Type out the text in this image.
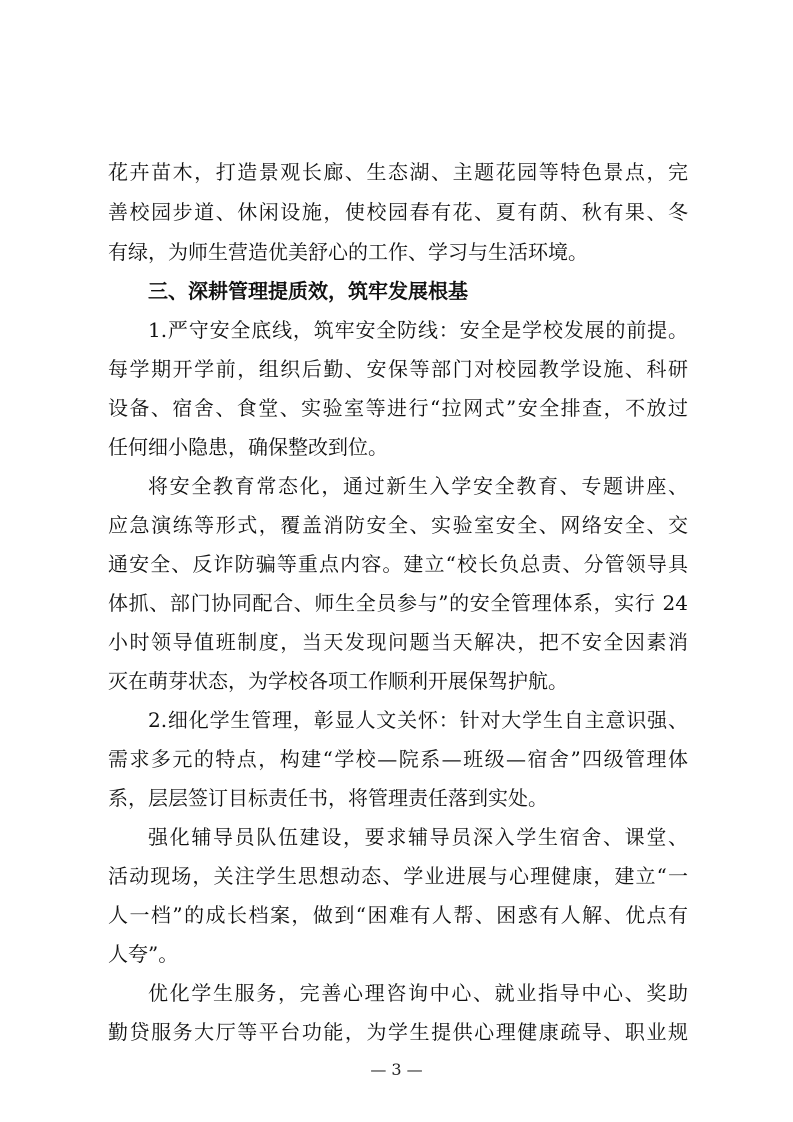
花卉苗木，打造景观长廊、生态湖、主题花园等特色景点，完
善校园步道、休闲设施，使校园春有花、夏有荫、秋有果、冬
有绿，为师生营造优美舒心的工作、学习与生活环境。
三、深耕管理提质效，筑牢发展根基
1.严守安全底线，筑牢安全防线：安全是学校发展的前提。
每学期开学前，组织后勤、安保等部门对校园教学设施、科研
设备、宿舍、食堂、实验室等进行“拉网式”安全排查，不放过
任何细小隐患，确保整改到位。
将安全教育常态化，通过新生入学安全教育、专题讲座、
应急演练等形式，覆盖消防安全、实验室安全、网络安全、交
通安全、反诈防骗等重点内容。建立“校长负总责、分管领导具
体抓、部门协同配合、师生全员参与”的安全管理体系，实行 24
小时领导值班制度，当天发现问题当天解决，把不安全因素消
灭在萌芽状态，为学校各项工作顺利开展保驾护航。
2.细化学生管理，彰显人文关怀：针对大学生自主意识强、
需求多元的特点，构建“学校—院系—班级—宿舍”四级管理体
系，层层签订目标责任书，将管理责任落到实处。
强化辅导员队伍建设，要求辅导员深入学生宿舍、课堂、
活动现场，关注学生思想动态、学业进展与心理健康，建立“一
人一档”的成长档案，做到“困难有人帮、困惑有人解、优点有
人夸”。
优化学生服务，完善心理咨询中心、就业指导中心、奖助
— 3 —
勤贷服务大厅等平台功能，为学生提供心理健康疏导、职业规
